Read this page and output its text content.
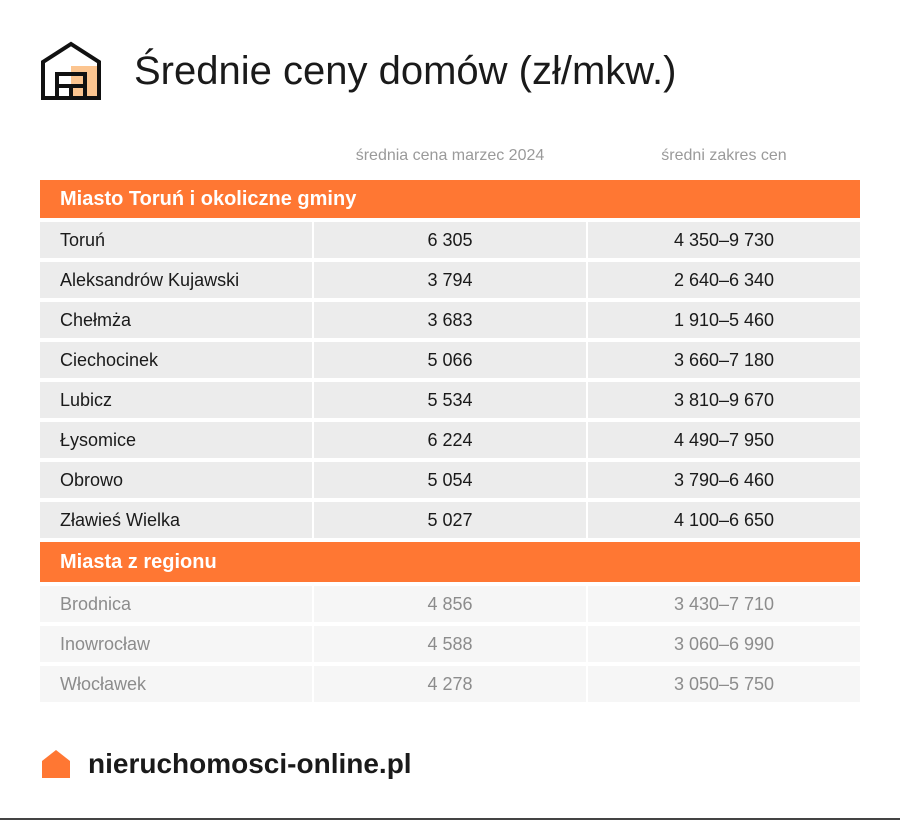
Średnie ceny domów (zł/mkw.)
średnia cena marzec 2024	średni zakres cen
Miasto Toruń i okoliczne gminy
Toruń	6 305	4 350–9 730
Aleksandrów Kujawski	3 794	2 640–6 340
Chełmża	3 683	1 910–5 460
Ciechocinek	5 066	3 660–7 180
Lubicz	5 534	3 810–9 670
Łysomice	6 224	4 490–7 950
Obrowo	5 054	3 790–6 460
Zławieś Wielka	5 027	4 100–6 650
Miasta z regionu
Brodnica	4 856	3 430–7 710
Inowrocław	4 588	3 060–6 990
Włocławek	4 278	3 050–5 750
nieruchomosci-online.pl
